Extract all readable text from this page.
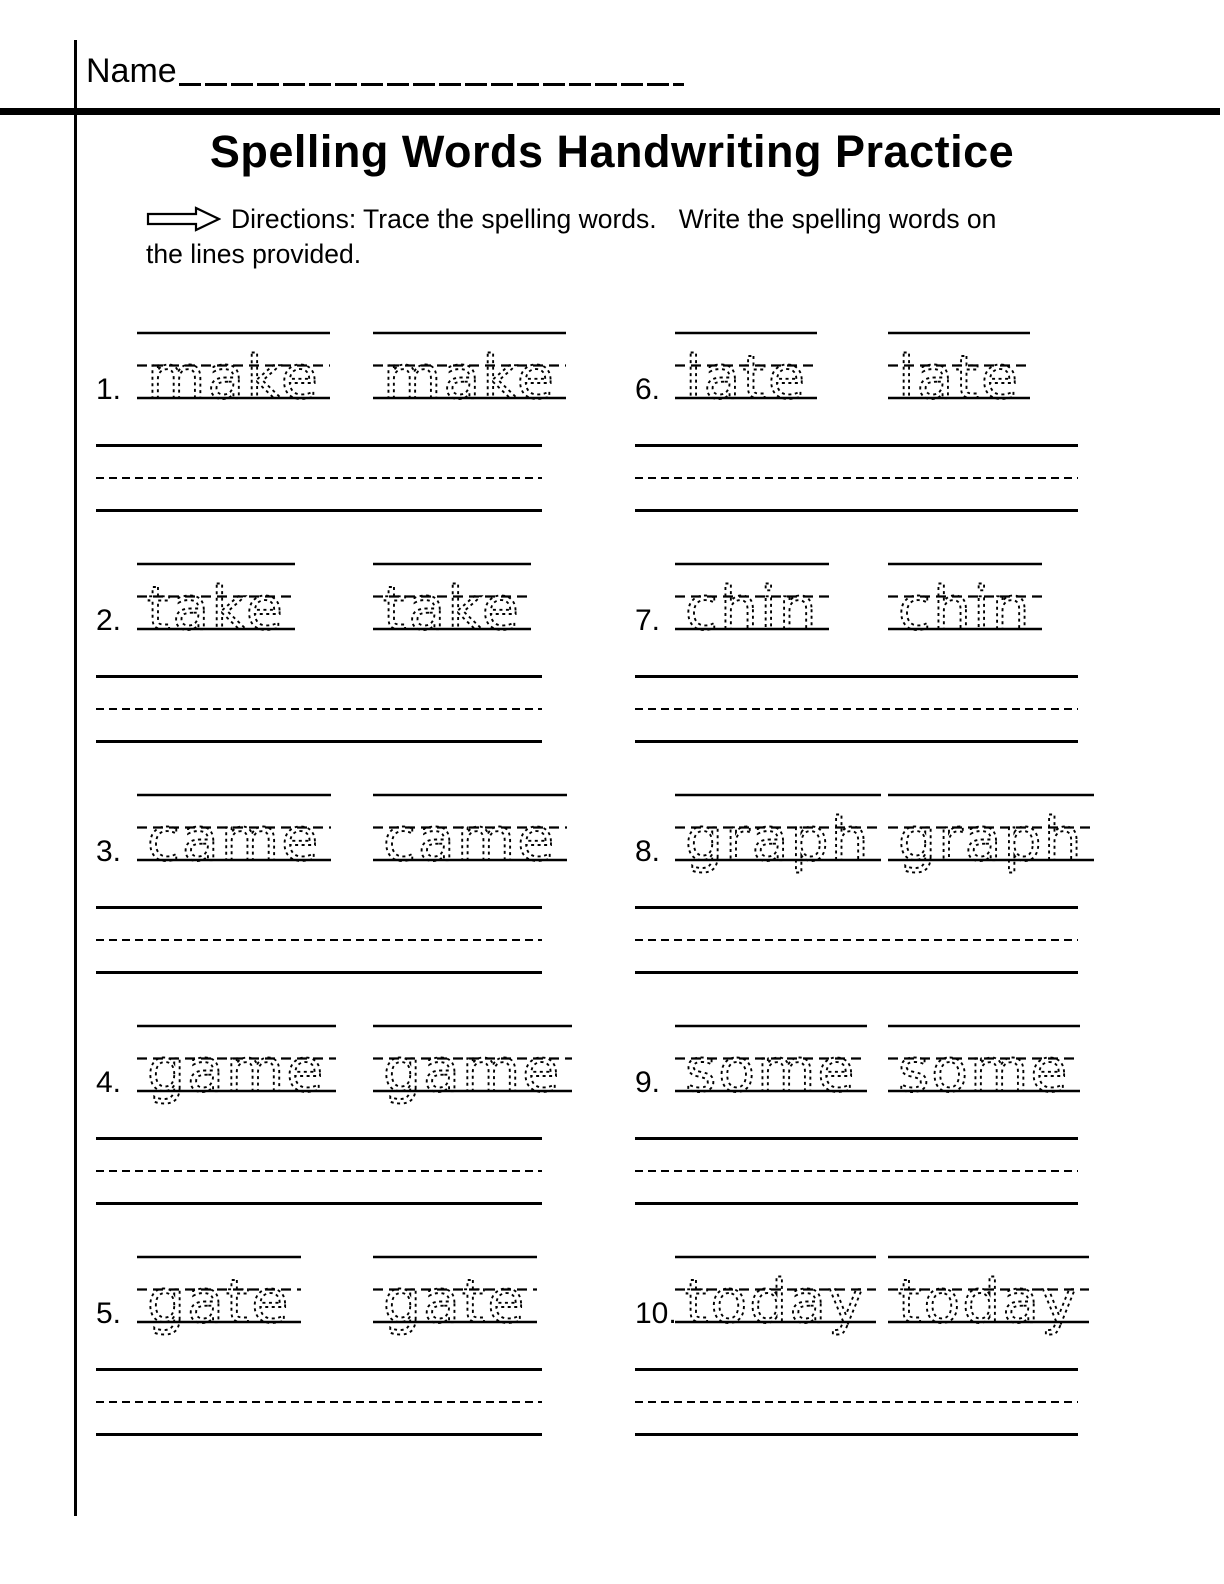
Name
Spelling Words Handwriting Practice
Directions: Trace the spelling words.   Write the spelling words on
the lines provided.
1. make make
2. take take
3. came came
4. game game
5. gate gate
6. late late
7. chin chin
8. graph graph
9. some some
10. today today
